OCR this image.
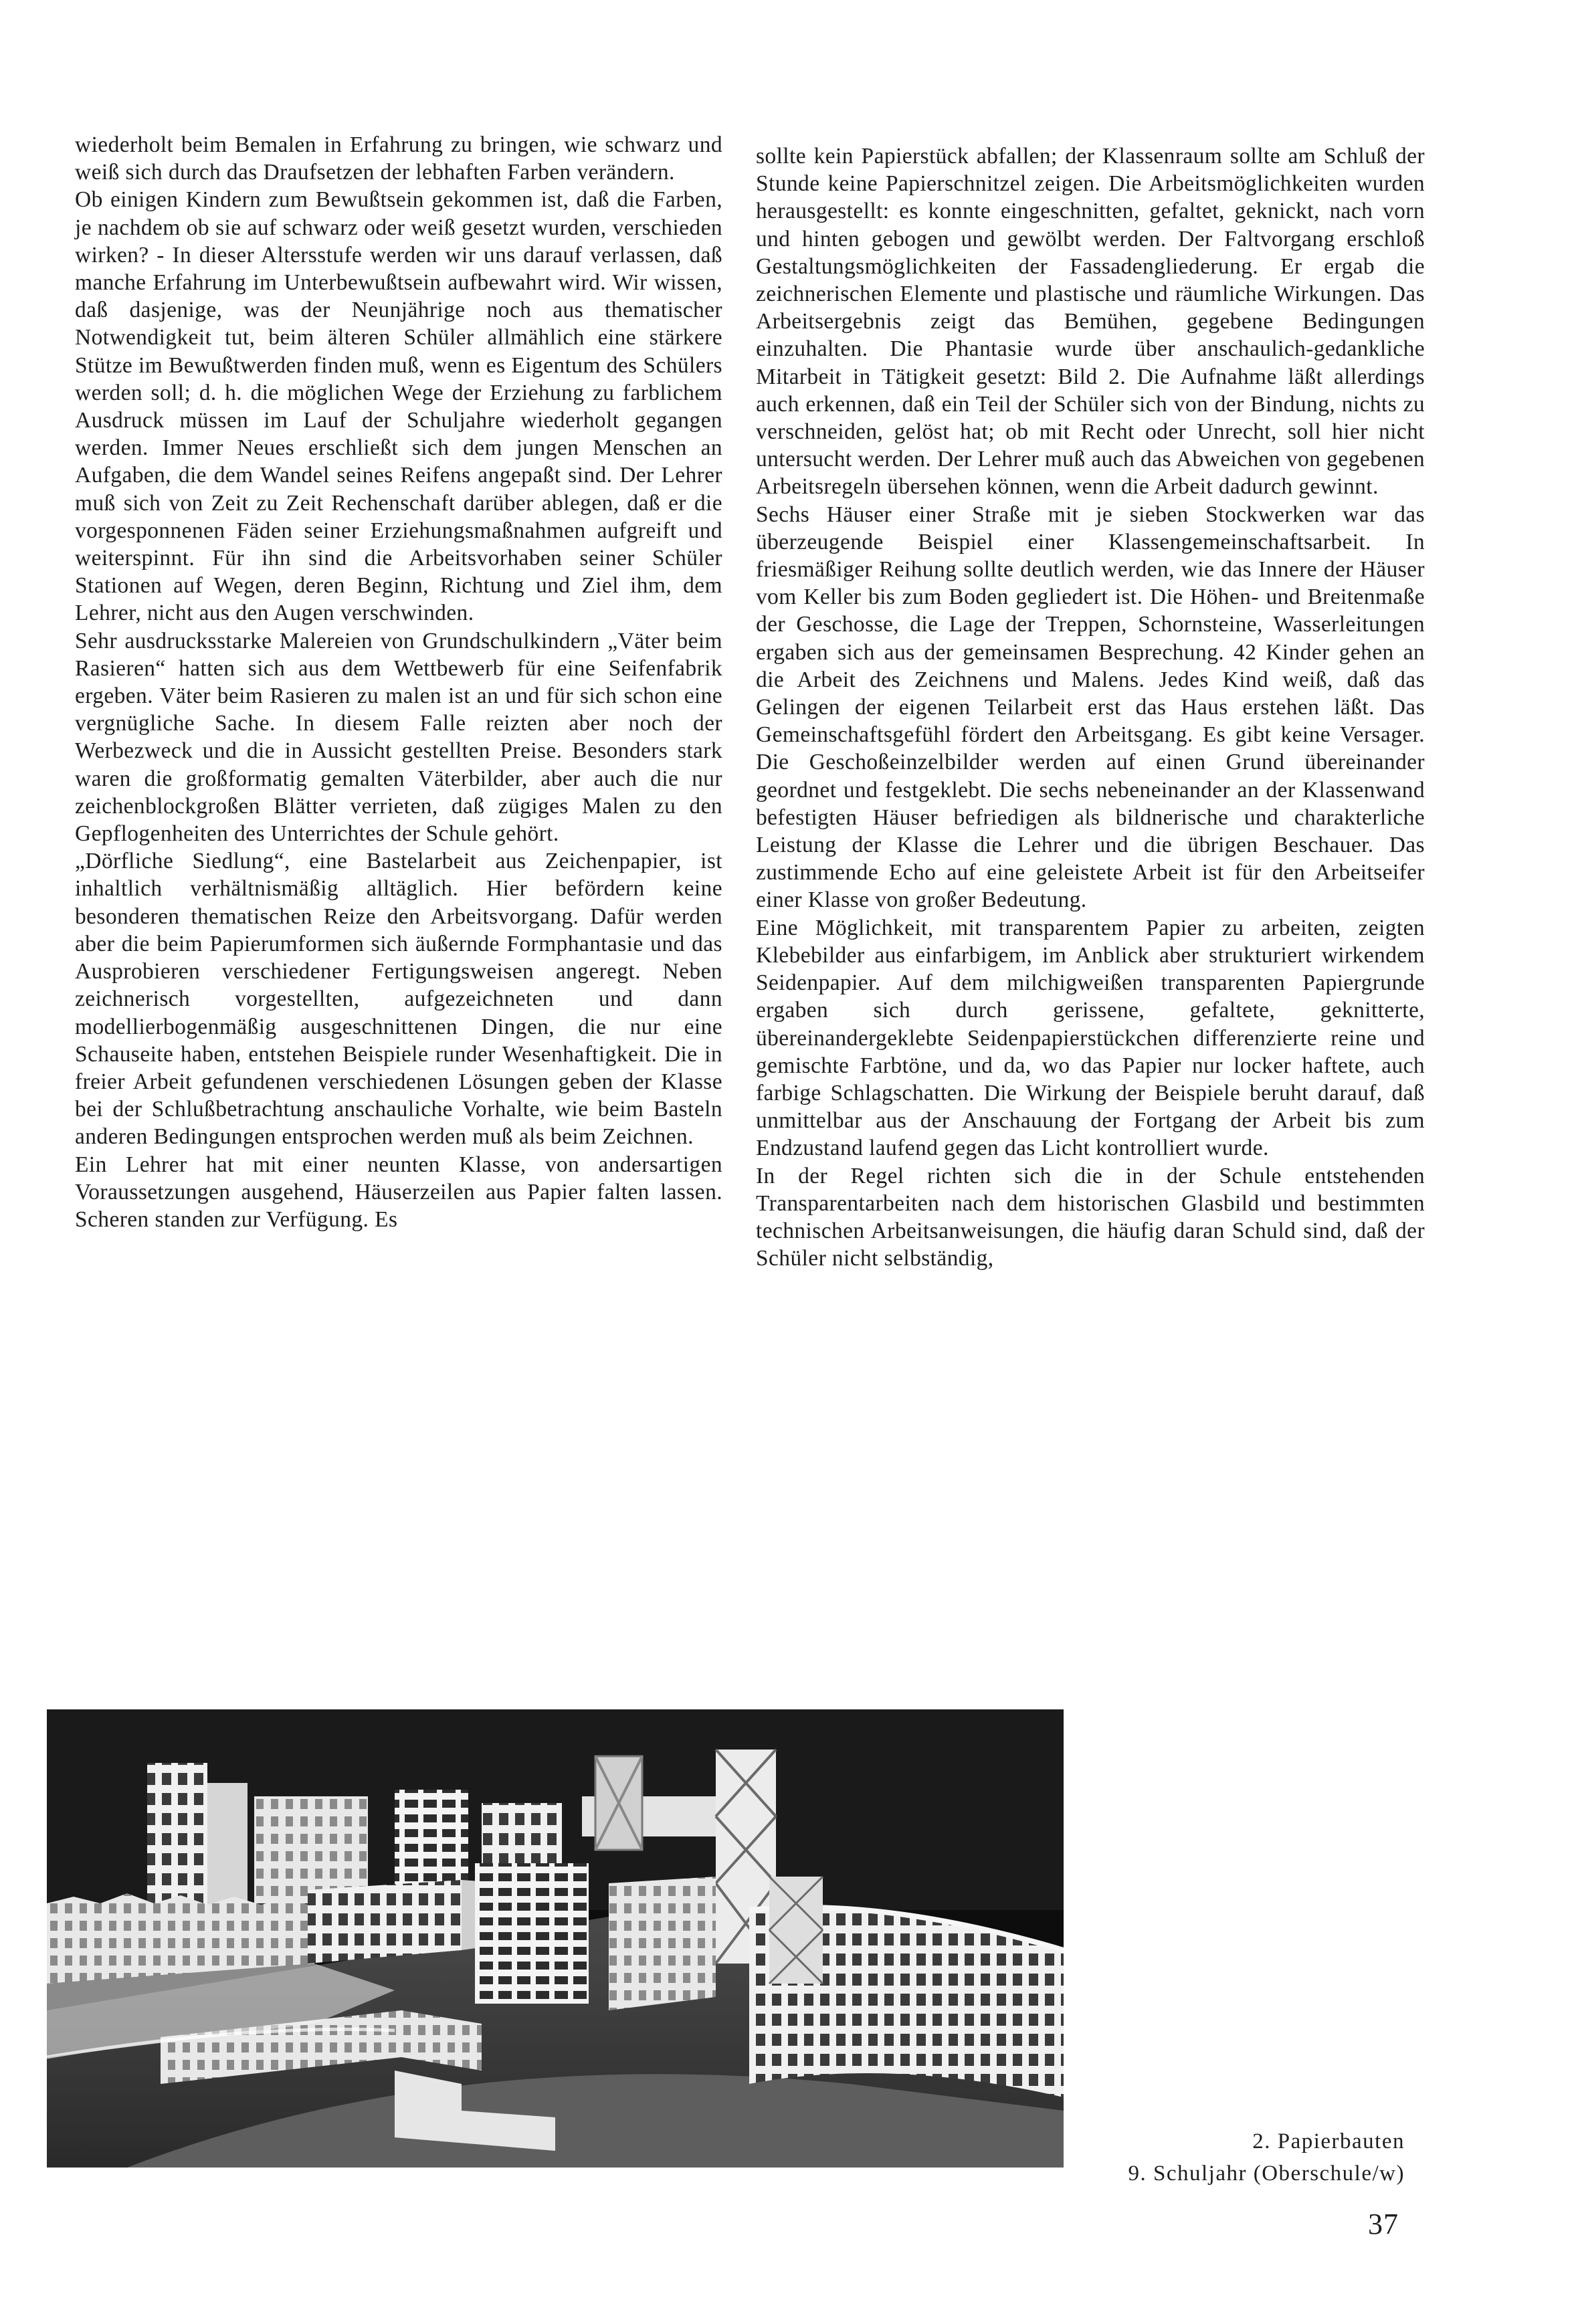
wiederholt beim Bemalen in Erfahrung zu bringen, wie schwarz und weiß sich durch das Draufsetzen der lebhaften Farben verändern.

Ob einigen Kindern zum Bewußtsein gekommen ist, daß die Farben, je nachdem ob sie auf schwarz oder weiß gesetzt wurden, verschieden wirken? - In dieser Altersstufe werden wir uns darauf verlassen, daß manche Erfahrung im Unterbewußtsein aufbewahrt wird. Wir wissen, daß dasjenige, was der Neunjährige noch aus thematischer Notwendigkeit tut, beim älteren Schüler allmählich eine stärkere Stütze im Bewußtwerden finden muß, wenn es Eigentum des Schülers werden soll; d. h. die möglichen Wege der Erziehung zu farblichem Ausdruck müssen im Lauf der Schuljahre wiederholt gegangen werden. Immer Neues erschließt sich dem jungen Menschen an Aufgaben, die dem Wandel seines Reifens angepaßt sind. Der Lehrer muß sich von Zeit zu Zeit Rechenschaft darüber ablegen, daß er die vorgesponnenen Fäden seiner Erziehungsmaßnahmen aufgreift und weiterspinnt. Für ihn sind die Arbeitsvorhaben seiner Schüler Stationen auf Wegen, deren Beginn, Richtung und Ziel ihm, dem Lehrer, nicht aus den Augen verschwinden.

Sehr ausdrucksstarke Malereien von Grundschulkindern „Väter beim Rasieren“ hatten sich aus dem Wettbewerb für eine Seifenfabrik ergeben. Väter beim Rasieren zu malen ist an und für sich schon eine vergnügliche Sache. In diesem Falle reizten aber noch der Werbezweck und die in Aussicht gestellten Preise. Besonders stark waren die großformatig gemalten Väterbilder, aber auch die nur zeichenblockgroßen Blätter verrieten, daß zügiges Malen zu den Gepflogenheiten des Unterrichtes der Schule gehört.

„Dörfliche Siedlung“, eine Bastelarbeit aus Zeichenpapier, ist inhaltlich verhältnismäßig alltäglich. Hier befördern keine besonderen thematischen Reize den Arbeitsvorgang. Dafür werden aber die beim Papierumformen sich äußernde Formphantasie und das Ausprobieren verschiedener Fertigungsweisen angeregt. Neben zeichnerisch vorgestellten, aufgezeichneten und dann modellierbogenmäßig ausgeschnittenen Dingen, die nur eine Schauseite haben, entstehen Beispiele runder Wesenhaftigkeit. Die in freier Arbeit gefundenen verschiedenen Lösungen geben der Klasse bei der Schlußbetrachtung anschauliche Vorhalte, wie beim Basteln anderen Bedingungen entsprochen werden muß als beim Zeichnen.

Ein Lehrer hat mit einer neunten Klasse, von andersartigen Voraussetzungen ausgehend, Häuserzeilen aus Papier falten lassen. Scheren standen zur Verfügung. Es

sollte kein Papierstück abfallen; der Klassenraum sollte am Schluß der Stunde keine Papierschnitzel zeigen. Die Arbeitsmöglichkeiten wurden herausgestellt: es konnte eingeschnitten, gefaltet, geknickt, nach vorn und hinten gebogen und gewölbt werden. Der Faltvorgang erschloß Gestaltungsmöglichkeiten der Fassadengliederung. Er ergab die zeichnerischen Elemente und plastische und räumliche Wirkungen. Das Arbeitsergebnis zeigt das Bemühen, gegebene Bedingungen einzuhalten. Die Phantasie wurde über anschaulich-gedankliche Mitarbeit in Tätigkeit gesetzt: Bild 2. Die Aufnahme läßt allerdings auch erkennen, daß ein Teil der Schüler sich von der Bindung, nichts zu verschneiden, gelöst hat; ob mit Recht oder Unrecht, soll hier nicht untersucht werden. Der Lehrer muß auch das Abweichen von gegebenen Arbeitsregeln übersehen können, wenn die Arbeit dadurch gewinnt.

Sechs Häuser einer Straße mit je sieben Stockwerken war das überzeugende Beispiel einer Klassengemeinschaftsarbeit. In friesmäßiger Reihung sollte deutlich werden, wie das Innere der Häuser vom Keller bis zum Boden gegliedert ist. Die Höhen- und Breitenmaße der Geschosse, die Lage der Treppen, Schornsteine, Wasserleitungen ergaben sich aus der gemeinsamen Besprechung. 42 Kinder gehen an die Arbeit des Zeichnens und Malens. Jedes Kind weiß, daß das Gelingen der eigenen Teilarbeit erst das Haus erstehen läßt. Das Gemeinschaftsgefühl fördert den Arbeitsgang. Es gibt keine Versager. Die Geschoßeinzelbilder werden auf einen Grund übereinander geordnet und festgeklebt. Die sechs nebeneinander an der Klassenwand befestigten Häuser befriedigen als bildnerische und charakterliche Leistung der Klasse die Lehrer und die übrigen Beschauer. Das zustimmende Echo auf eine geleistete Arbeit ist für den Arbeitseifer einer Klasse von großer Bedeutung.

Eine Möglichkeit, mit transparentem Papier zu arbeiten, zeigten Klebebilder aus einfarbigem, im Anblick aber strukturiert wirkendem Seidenpapier. Auf dem milchigweißen transparenten Papiergrunde ergaben sich durch gerissene, gefaltete, geknitterte, übereinandergeklebte Seidenpapierstückchen differenzierte reine und gemischte Farbtöne, und da, wo das Papier nur locker haftete, auch farbige Schlagschatten. Die Wirkung der Beispiele beruht darauf, daß unmittelbar aus der Anschauung der Fortgang der Arbeit bis zum Endzustand laufend gegen das Licht kontrolliert wurde.

In der Regel richten sich die in der Schule entstehenden Transparentarbeiten nach dem historischen Glasbild und bestimmten technischen Arbeitsanweisungen, die häufig daran Schuld sind, daß der Schüler nicht selbständig,

2. Papierbauten
9. Schuljahr (Oberschule/w)
37
